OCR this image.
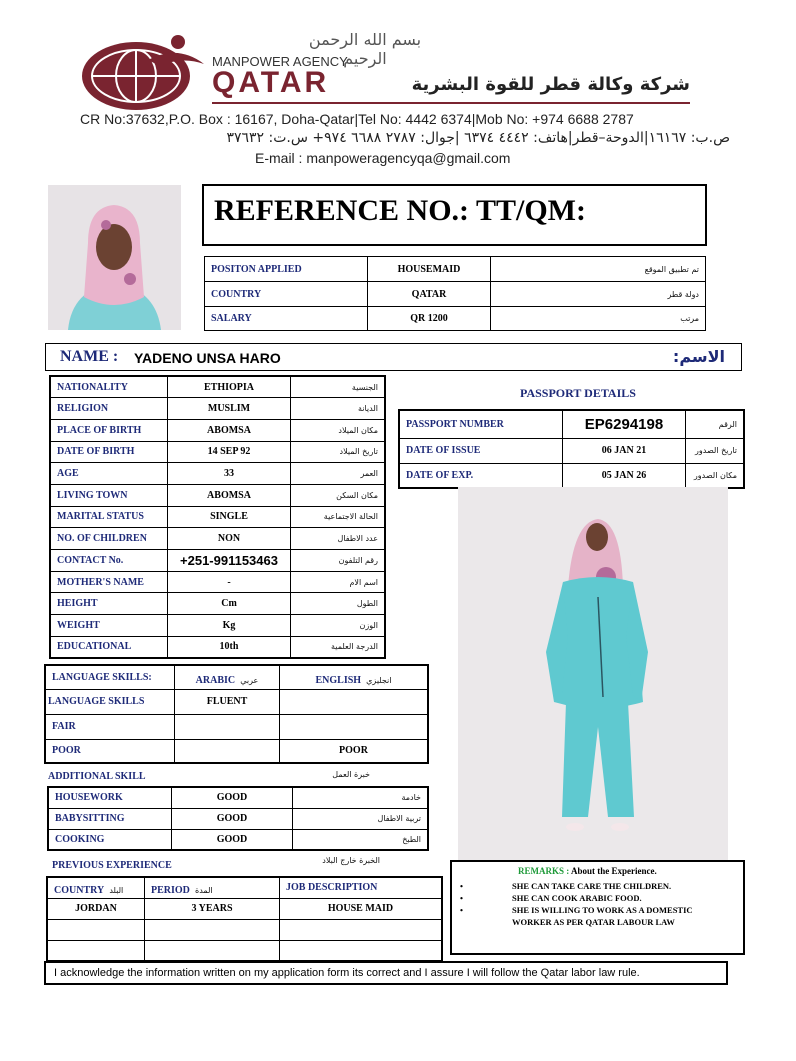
بسم الله الرحمن الرحيم
MANPOWER AGENCY
QATAR	شركة وكالة قطر للقوة البشرية
CR No:37632,P.O. Box : 16167, Doha-Qatar|Tel No: 4442 6374|Mob No: +974 6688 2787
ص.ب: ١٦١٦٧|الدوحة–قطر|هاتف: ٤٤٤٢ ٦٣٧٤ |جوال: ٢٧٨٧ ٦٦٨٨ ٩٧٤+ س.ت: ٣٧٦٣٢
E-mail : manpoweragencyqa@gmail.com
REFERENCE NO.: TT/QM:
POSITON APPLIED	HOUSEMAID	تم تطبيق الموقع
COUNTRY	QATAR	دولة قطر
SALARY	QR 1200	مرتب
NAME : YADENO UNSA HARO	الاسم:
NATIONALITY	ETHIOPIA	الجنسية
RELIGION	MUSLIM	الديانة
PLACE OF BIRTH	ABOMSA	مكان الميلاد
DATE OF BIRTH	14 SEP 92	تاريخ الميلاد
AGE	33	العمر
LIVING TOWN	ABOMSA	مكان السكن
MARITAL STATUS	SINGLE	الحالة الاجتماعية
NO. OF CHILDREN	NON	عدد الاطفال
CONTACT No.	+251-991153463	رقم التلفون
MOTHER'S NAME	-	اسم الام
HEIGHT	Cm	الطول
WEIGHT	Kg	الوزن
EDUCATIONAL	10th	الدرجة العلمية
PASSPORT DETAILS
PASSPORT NUMBER	EP6294198	الرقم
DATE OF ISSUE	06 JAN 21	تاريخ الصدور
DATE OF EXP.	05 JAN 26	مكان الصدور
LANGUAGE SKILLS:	ARABIC عربي	ENGLISH انجليزي
LANGUAGE SKILLS	FLUENT	
FAIR		
POOR		POOR
ADDITIONAL SKILL	خبرة العمل
HOUSEWORK	GOOD	خادمة
BABYSITTING	GOOD	تربية الاطفال
COOKING	GOOD	الطبخ
PREVIOUS EXPERIENCE	الخبرة خارج البلاد
COUNTRY البلد	PERIOD المدة	JOB DESCRIPTION
JORDAN	3 YEARS	HOUSE MAID

REMARKS : About the Experience.
•	SHE CAN TAKE CARE THE CHILDREN.
•	SHE CAN COOK ARABIC FOOD.
•	SHE IS WILLING TO WORK AS A DOMESTIC WORKER AS PER QATAR LABOUR LAW
I acknowledge the information written on my application form its correct and I assure I will follow the Qatar labor law rule.
